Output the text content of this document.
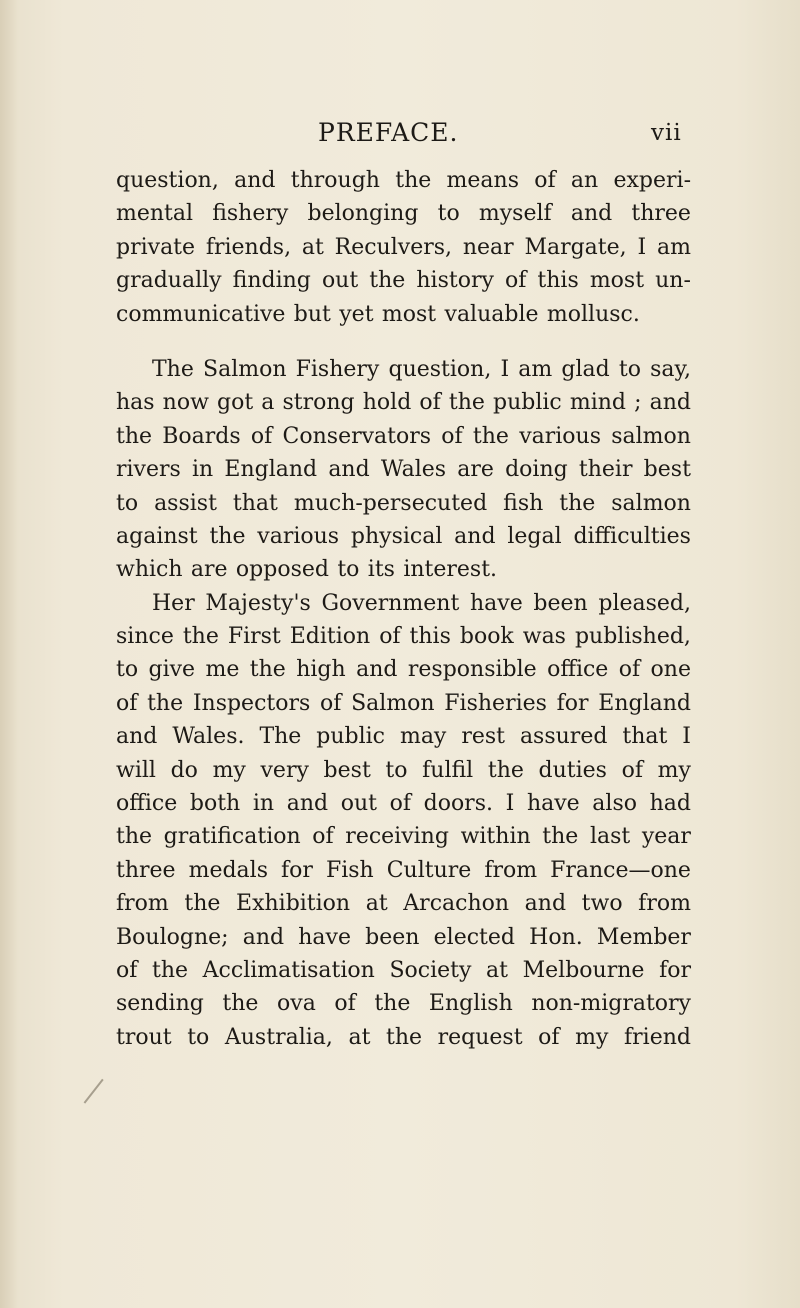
PREFACE.	vii
question, and through the means of an experi-
mental fishery belonging to myself and three
private friends, at Reculvers, near Margate, I am
gradually finding out the history of this most un-
communicative but yet most valuable mollusc.
The Salmon Fishery question, I am glad to say,
has now got a strong hold of the public mind ; and
the Boards of Conservators of the various salmon
rivers in England and Wales are doing their best
to assist that much-persecuted fish the salmon
against the various physical and legal difficulties
which are opposed to its interest.
Her Majesty's Government have been pleased,
since the First Edition of this book was published,
to give me the high and responsible office of one
of the Inspectors of Salmon Fisheries for England
and Wales. The public may rest assured that I
will do my very best to fulfil the duties of my
office both in and out of doors. I have also had
the gratification of receiving within the last year
three medals for Fish Culture from France—one
from the Exhibition at Arcachon and two from
Boulogne; and have been elected Hon. Member
of the Acclimatisation Society at Melbourne for
sending the ova of the English non-migratory
trout to Australia, at the request of my friend
